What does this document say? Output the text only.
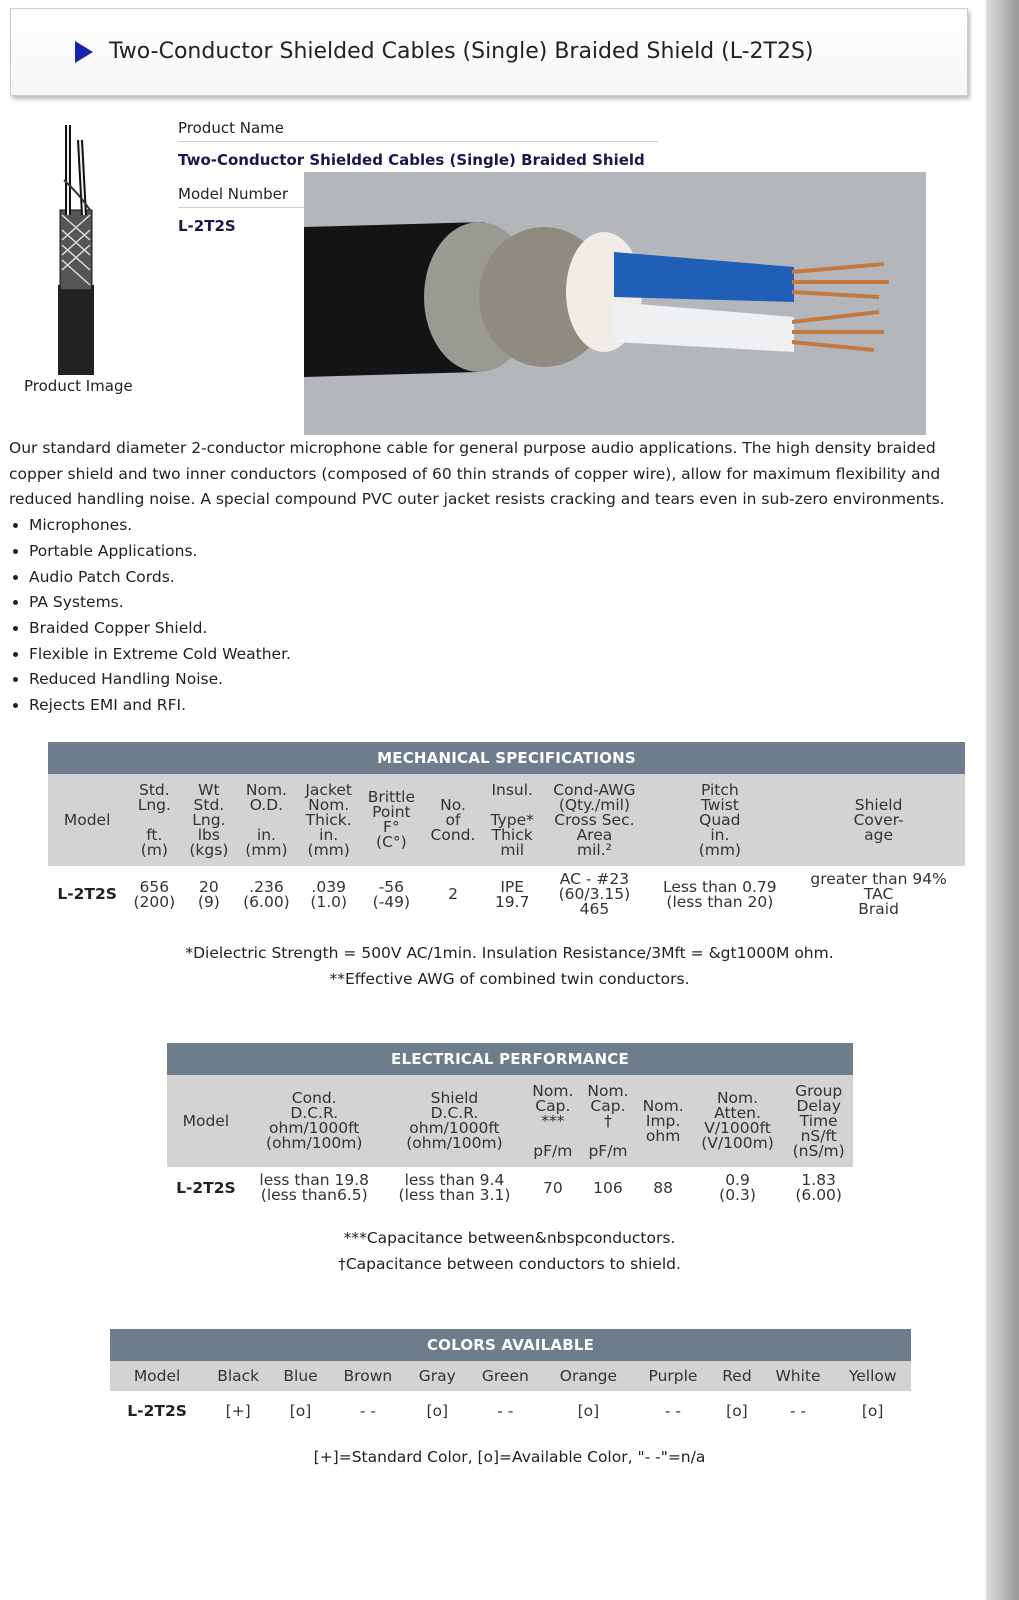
Two-Conductor Shielded Cables (Single) Braided Shield (L-2T2S)
Product Image
Product Name
Two-Conductor Shielded Cables (Single) Braided Shield
Model Number
L-2T2S

Our standard diameter 2-conductor microphone cable for general purpose audio applications. The high density braided copper shield and two inner conductors (composed of 60 thin strands of copper wire), allow for maximum flexibility and reduced handling noise. A special compound PVC outer jacket resists cracking and tears even in sub-zero environments.

• Microphones.
• Portable Applications.
• Audio Patch Cords.
• PA Systems.
• Braided Copper Shield.
• Flexible in Extreme Cold Weather.
• Reduced Handling Noise.
• Rejects EMI and RFI.
MECHANICAL SPECIFICATIONS										
Model	Std.
Lng.

ft.
(m)	Wt
Std.
Lng.
lbs
(kgs)	Nom.
O.D.

in.
(mm)	Jacket
Nom.
Thick.
in.
(mm)	Brittle
Point
F°
(C°)	No.
of
Cond.	Insul.

Type*
Thick
mil	Cond-AWG
(Qty./mil)
Cross Sec.
Area
mil.²	Pitch
Twist
Quad
in.
(mm)	Shield
Cover-
age
L-2T2S	656
(200)	20
(9)	.236
(6.00)	.039
(1.0)	-56
(-49)	2	IPE
19.7	AC - #23
(60/3.15)
465	Less than 0.79
(less than 20)	greater than 94%
TAC
Braid
*Dielectric Strength = 500V AC/1min. Insulation Resistance/3Mft = &gt1000M ohm.
**Effective AWG of combined twin conductors.
ELECTRICAL PERFORMANCE							
Model	Cond.
D.C.R.
ohm/1000ft
(ohm/100m)	Shield
D.C.R.
ohm/1000ft
(ohm/100m)	Nom.
Cap.
***

pF/m	Nom.
Cap.
†

pF/m	Nom.
Imp.
ohm	Nom.
Atten.
V/1000ft
(V/100m)	Group
Delay
Time
nS/ft
(nS/m)
L-2T2S	less than 19.8
(less than6.5)	less than 9.4
(less than 3.1)	70	106	88	0.9
(0.3)	1.83
(6.00)
***Capacitance between&nbspconductors.
†Capacitance between conductors to shield.
COLORS AVAILABLE										
Model	Black	Blue	Brown	Gray	Green	Orange	Purple	Red	White	Yellow
L-2T2S	[+]	[o]	- -	[o]	- -	[o]	- -	[o]	- -	[o]
[+]=Standard Color, [o]=Available Color, "- -"=n/a
